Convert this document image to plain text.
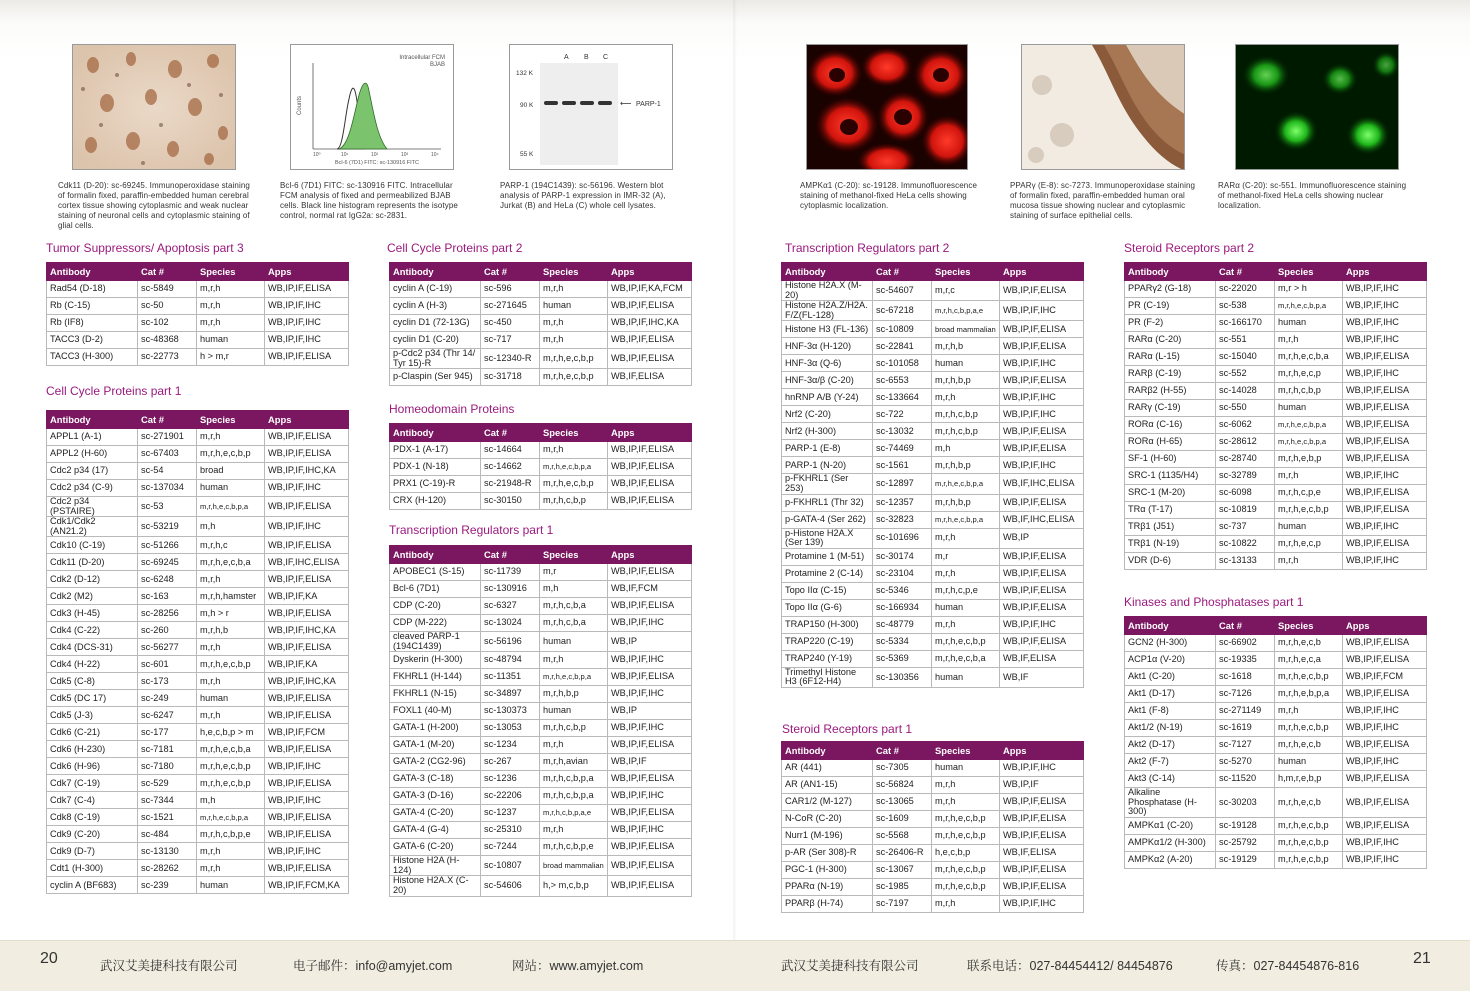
Cdk11 (D-20): sc-69245. Immunoperoxidase staining of formalin fixed, paraffin-embedded human cerebral cortex tissue showing cytoplasmic and weak nuclear staining of neuronal cells and cytoplasmic staining of glial cells.
Intracellular FCM
BJAB
Counts
10⁰	10¹	10²	10³	10⁴
Bcl-6 (7D1) FITC: sc-130916 FITC
Bcl-6 (7D1) FITC: sc-130916 FITC. Intracellular FCM analysis of fixed and permeabilized BJAB cells. Black line histogram represents the isotype control, normal rat IgG2a: sc-2831.
A B C
132 K
90 K
55 K
⟵ PARP-1
PARP-1 (194C1439): sc-56196. Western blot analysis of PARP-1 expression in IMR-32 (A), Jurkat (B) and HeLa (C) whole cell lysates.
AMPKα1 (C-20): sc-19128. Immunofluorescence staining of methanol-fixed HeLa cells showing cytoplasmic localization.
PPARγ (E-8): sc-7273. Immunoperoxidase staining of formalin fixed, paraffin-embedded human oral mucosa tissue showing nuclear and cytoplasmic staining of surface epithelial cells.
RARα (C-20): sc-551. Immunofluorescence staining of methanol-fixed HeLa cells showing nuclear localization.
Tumor Suppressors/ Apoptosis part 3
Cell Cycle Proteins part 1
Cell Cycle Proteins part 2
Homeodomain Proteins
Transcription Regulators part 1
Transcription Regulators part 2
Steroid Receptors part 1
Steroid Receptors part 2
Kinases and Phosphatases part 1
Antibody	Cat #	Species	Apps
Rad54 (D-18)	sc-5849	m,r,h	WB,IP,IF,ELISA
Rb (C-15)	sc-50	m,r,h	WB,IP,IF,IHC
Rb (IF8)	sc-102	m,r,h	WB,IP,IF,IHC
TACC3 (D-2)	sc-48368	human	WB,IP,IF,IHC
TACC3 (H-300)	sc-22773	h > m,r	WB,IP,IF,ELISA
Antibody	Cat #	Species	Apps
APPL1 (A-1)	sc-271901	m,r,h	WB,IP,IF,ELISA
APPL2 (H-60)	sc-67403	m,r,h,e,c,b,p	WB,IP,IF,ELISA
Cdc2 p34 (17)	sc-54	broad	WB,IP,IF,IHC,KA
Cdc2 p34 (C-9)	sc-137034	human	WB,IP,IF,IHC
Cdc2 p34 (PSTAIRE)	sc-53	m,r,h,e,c,b,p,a	WB,IP,IF,ELISA
Cdk1/Cdk2 (AN21.2)	sc-53219	m,h	WB,IP,IF,IHC
Cdk10 (C-19)	sc-51266	m,r,h,c	WB,IP,IF,ELISA
Cdk11 (D-20)	sc-69245	m,r,h,e,c,b,a	WB,IF,IHC,ELISA
Cdk2 (D-12)	sc-6248	m,r,h	WB,IP,IF,ELISA
Cdk2 (M2)	sc-163	m,r,h,hamster	WB,IP,IF,KA
Cdk3 (H-45)	sc-28256	m,h > r	WB,IP,IF,ELISA
Cdk4 (C-22)	sc-260	m,r,h,b	WB,IP,IF,IHC,KA
Cdk4 (DCS-31)	sc-56277	m,r,h	WB,IP,IF,ELISA
Cdk4 (H-22)	sc-601	m,r,h,e,c,b,p	WB,IP,IF,KA
Cdk5 (C-8)	sc-173	m,r,h	WB,IP,IF,IHC,KA
Cdk5 (DC 17)	sc-249	human	WB,IP,IF,ELISA
Cdk5 (J-3)	sc-6247	m,r,h	WB,IP,IF,ELISA
Cdk6 (C-21)	sc-177	h,e,c,b,p > m	WB,IP,IF,FCM
Cdk6 (H-230)	sc-7181	m,r,h,e,c,b,a	WB,IP,IF,ELISA
Cdk6 (H-96)	sc-7180	m,r,h,e,c,b,p	WB,IP,IF,IHC
Cdk7 (C-19)	sc-529	m,r,h,e,c,b,p	WB,IP,IF,ELISA
Cdk7 (C-4)	sc-7344	m,h	WB,IP,IF,IHC
Cdk8 (C-19)	sc-1521	m,r,h,e,c,b,p,a	WB,IP,IF,ELISA
Cdk9 (C-20)	sc-484	m,r,h,c,b,p,e	WB,IP,IF,ELISA
Cdk9 (D-7)	sc-13130	m,r,h	WB,IP,IF,IHC
Cdt1 (H-300)	sc-28262	m,r,h	WB,IP,IF,ELISA
cyclin A (BF683)	sc-239	human	WB,IP,IF,FCM,KA
Antibody	Cat #	Species	Apps
cyclin A (C-19)	sc-596	m,r,h	WB,IP,IF,KA,FCM
cyclin A (H-3)	sc-271645	human	WB,IP,IF,ELISA
cyclin D1 (72-13G)	sc-450	m,r,h	WB,IP,IF,IHC,KA
cyclin D1 (C-20)	sc-717	m,r,h	WB,IP,IF,ELISA
p-Cdc2 p34 (Thr 14/ Tyr 15)-R	sc-12340-R	m,r,h,e,c,b,p	WB,IP,IF,ELISA
p-Claspin (Ser 945)	sc-31718	m,r,h,e,c,b,p	WB,IF,ELISA
Antibody	Cat #	Species	Apps
PDX-1 (A-17)	sc-14664	m,r,h	WB,IP,IF,ELISA
PDX-1 (N-18)	sc-14662	m,r,h,e,c,b,p,a	WB,IP,IF,ELISA
PRX1 (C-19)-R	sc-21948-R	m,r,h,e,c,b,p	WB,IP,IF,ELISA
CRX (H-120)	sc-30150	m,r,h,c,b,p	WB,IP,IF,ELISA
Antibody	Cat #	Species	Apps
APOBEC1 (S-15)	sc-11739	m,r	WB,IP,IF,ELISA
Bcl-6 (7D1)	sc-130916	m,h	WB,IF,FCM
CDP (C-20)	sc-6327	m,r,h,c,b,a	WB,IP,IF,ELISA
CDP (M-222)	sc-13024	m,r,h,c,b,a	WB,IP,IF,IHC
cleaved PARP-1 (194C1439)	sc-56196	human	WB,IP
Dyskerin (H-300)	sc-48794	m,r,h	WB,IP,IF,IHC
FKHRL1 (H-144)	sc-11351	m,r,h,e,c,b,p,a	WB,IP,IF,ELISA
FKHRL1 (N-15)	sc-34897	m,r,h,b,p	WB,IP,IF,IHC
FOXL1 (40-M)	sc-130373	human	WB,IP
GATA-1 (H-200)	sc-13053	m,r,h,c,b,p	WB,IP,IF,IHC
GATA-1 (M-20)	sc-1234	m,r,h	WB,IP,IF,ELISA
GATA-2 (CG2-96)	sc-267	m,r,h,avian	WB,IP,IF
GATA-3 (C-18)	sc-1236	m,r,h,c,b,p,a	WB,IP,IF,ELISA
GATA-3 (D-16)	sc-22206	m,r,h,c,b,p,a	WB,IP,IF,IHC
GATA-4 (C-20)	sc-1237	m,r,h,c,b,p,a,e	WB,IP,IF,ELISA
GATA-4 (G-4)	sc-25310	m,r,h	WB,IP,IF,IHC
GATA-6 (C-20)	sc-7244	m,r,h,c,b,p,e	WB,IP,IF,ELISA
Histone H2A (H-124)	sc-10807	broad mammalian	WB,IP,IF,ELISA
Histone H2A.X (C-20)	sc-54606	h,> m,c,b,p	WB,IP,IF,ELISA
Antibody	Cat #	Species	Apps
Histone H2A.X (M-20)	sc-54607	m,r,c	WB,IP,IF,ELISA
Histone H2A.Z/H2A. F/Z(FL-128)	sc-67218	m,r,h,c,b,p,a,e	WB,IP,IF,IHC
Histone H3 (FL-136)	sc-10809	broad mammalian	WB,IP,IF,ELISA
HNF-3α (H-120)	sc-22841	m,r,h,b	WB,IP,IF,ELISA
HNF-3α (Q-6)	sc-101058	human	WB,IP,IF,IHC
HNF-3α/β (C-20)	sc-6553	m,r,h,b,p	WB,IP,IF,ELISA
hnRNP A/B (Y-24)	sc-133664	m,r,h	WB,IP,IF,IHC
Nrf2 (C-20)	sc-722	m,r,h,c,b,p	WB,IP,IF,IHC
Nrf2 (H-300)	sc-13032	m,r,h,c,b,p	WB,IP,IF,ELISA
PARP-1 (E-8)	sc-74469	m,h	WB,IP,IF,ELISA
PARP-1 (N-20)	sc-1561	m,r,h,b,p	WB,IP,IF,IHC
p-FKHRL1 (Ser 253)	sc-12897	m,r,h,e,c,b,p,a	WB,IF,IHC,ELISA
p-FKHRL1 (Thr 32)	sc-12357	m,r,h,b,p	WB,IP,IF,ELISA
p-GATA-4 (Ser 262)	sc-32823	m,r,h,e,c,b,p,a	WB,IF,IHC,ELISA
p-Histone H2A.X (Ser 139)	sc-101696	m,r,h	WB,IP
Protamine 1 (M-51)	sc-30174	m,r	WB,IP,IF,ELISA
Protamine 2 (C-14)	sc-23104	m,r,h	WB,IP,IF,ELISA
Topo IIα (C-15)	sc-5346	m,r,h,c,p,e	WB,IP,IF,ELISA
Topo IIα (G-6)	sc-166934	human	WB,IP,IF,ELISA
TRAP150 (H-300)	sc-48779	m,r,h	WB,IP,IF,IHC
TRAP220 (C-19)	sc-5334	m,r,h,e,c,b,p	WB,IP,IF,ELISA
TRAP240 (Y-19)	sc-5369	m,r,h,e,c,b,a	WB,IF,ELISA
Trimethyl Histone H3 (6F12-H4)	sc-130356	human	WB,IF
Antibody	Cat #	Species	Apps
AR (441)	sc-7305	human	WB,IP,IF,IHC
AR (AN1-15)	sc-56824	m,r,h	WB,IP,IF
CAR1/2 (M-127)	sc-13065	m,r,h	WB,IP,IF,ELISA
N-CoR (C-20)	sc-1609	m,r,h,e,c,b,p	WB,IP,IF,ELISA
Nurr1 (M-196)	sc-5568	m,r,h,e,c,b,p	WB,IP,IF,ELISA
p-AR (Ser 308)-R	sc-26406-R	h,e,c,b,p	WB,IF,ELISA
PGC-1 (H-300)	sc-13067	m,r,h,e,c,b,p	WB,IP,IF,ELISA
PPARα (N-19)	sc-1985	m,r,h,e,c,b,p	WB,IP,IF,ELISA
PPARβ (H-74)	sc-7197	m,r,h	WB,IP,IF,IHC
Antibody	Cat #	Species	Apps
PPARγ2 (G-18)	sc-22020	m,r > h	WB,IP,IF,IHC
PR (C-19)	sc-538	m,r,h,e,c,b,p,a	WB,IP,IF,IHC
PR (F-2)	sc-166170	human	WB,IP,IF,IHC
RARα (C-20)	sc-551	m,r,h	WB,IP,IF,IHC
RARα (L-15)	sc-15040	m,r,h,e,c,b,a	WB,IP,IF,ELISA
RARβ (C-19)	sc-552	m,r,h,e,c,p	WB,IP,IF,IHC
RARβ2 (H-55)	sc-14028	m,r,h,c,b,p	WB,IP,IF,ELISA
RARγ (C-19)	sc-550	human	WB,IP,IF,ELISA
RORα (C-16)	sc-6062	m,r,h,e,c,b,p,a	WB,IP,IF,ELISA
RORα (H-65)	sc-28612	m,r,h,e,c,b,p,a	WB,IP,IF,ELISA
SF-1 (H-60)	sc-28740	m,r,h,e,b,p	WB,IP,IF,ELISA
SRC-1 (1135/H4)	sc-32789	m,r,h	WB,IP,IF,IHC
SRC-1 (M-20)	sc-6098	m,r,h,c,p,e	WB,IP,IF,ELISA
TRα (T-17)	sc-10819	m,r,h,e,c,b,p	WB,IP,IF,ELISA
TRβ1 (J51)	sc-737	human	WB,IP,IF,IHC
TRβ1 (N-19)	sc-10822	m,r,h,e,c,p	WB,IP,IF,ELISA
VDR (D-6)	sc-13133	m,r,h	WB,IP,IF,IHC
Antibody	Cat #	Species	Apps
GCN2 (H-300)	sc-66902	m,r,h,e,c,b	WB,IP,IF,ELISA
ACP1α (V-20)	sc-19335	m,r,h,e,c,a	WB,IP,IF,ELISA
Akt1 (C-20)	sc-1618	m,r,h,e,c,b,p	WB,IP,IF,FCM
Akt1 (D-17)	sc-7126	m,r,h,e,b,p,a	WB,IP,IF,ELISA
Akt1 (F-8)	sc-271149	m,r,h	WB,IP,IF,IHC
Akt1/2 (N-19)	sc-1619	m,r,h,e,c,b,p	WB,IP,IF,IHC
Akt2 (D-17)	sc-7127	m,r,h,e,c,b	WB,IP,IF,ELISA
Akt2 (F-7)	sc-5270	human	WB,IP,IF,IHC
Akt3 (C-14)	sc-11520	h,m,r,e,b,p	WB,IP,IF,ELISA
Alkaline Phosphatase (H-300)	sc-30203	m,r,h,e,c,b	WB,IP,IF,ELISA
AMPKα1 (C-20)	sc-19128	m,r,h,e,c,b,p	WB,IP,IF,ELISA
AMPKα1/2 (H-300)	sc-25792	m,r,h,e,c,b,p	WB,IP,IF,IHC
AMPKα2 (A-20)	sc-19129	m,r,h,e,c,b,p	WB,IP,IF,IHC
20	武汉艾美捷科技有限公司	电子邮件：info@amyjet.com	网站：www.amyjet.com	武汉艾美捷科技有限公司	联系电话：027-84454412/ 84454876	传真：027-84454876-816	21
